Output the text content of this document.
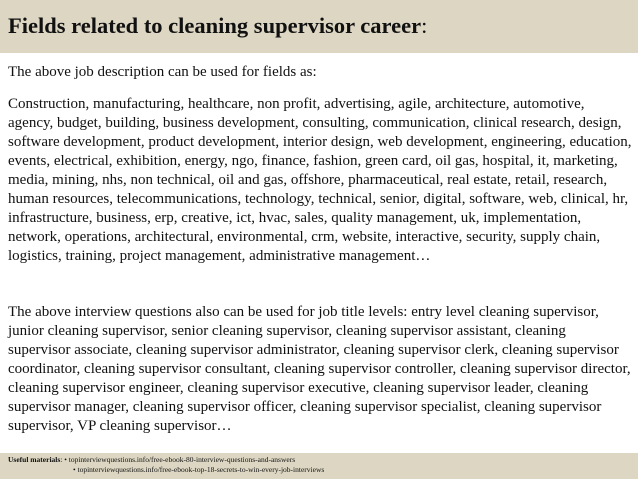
Fields related to cleaning supervisor career:
The above job description can be used for fields as:
Construction, manufacturing, healthcare, non profit, advertising, agile, architecture, automotive, agency, budget, building, business development, consulting, communication, clinical research, design, software development, product development, interior design, web development, engineering, education, events, electrical, exhibition, energy, ngo, finance, fashion, green card, oil gas, hospital, it, marketing, media, mining, nhs, non technical, oil and gas, offshore, pharmaceutical, real estate, retail, research, human resources, telecommunications, technology, technical, senior, digital, software, web, clinical, hr, infrastructure, business, erp, creative, ict, hvac, sales, quality management, uk, implementation, network, operations, architectural, environmental, crm, website, interactive, security, supply chain, logistics, training, project management, administrative management…
The above interview questions also can be used for job title levels: entry level cleaning supervisor, junior cleaning supervisor, senior cleaning supervisor, cleaning supervisor assistant, cleaning supervisor associate, cleaning supervisor administrator, cleaning supervisor clerk, cleaning supervisor coordinator, cleaning supervisor consultant, cleaning supervisor controller, cleaning supervisor director, cleaning supervisor engineer, cleaning supervisor executive, cleaning supervisor leader, cleaning supervisor manager, cleaning supervisor officer, cleaning supervisor specialist, cleaning supervisor supervisor, VP cleaning supervisor…
Useful materials: • topinterviewquestions.info/free-ebook-80-interview-questions-and-answers
• topinterviewquestions.info/free-ebook-top-18-secrets-to-win-every-job-interviews
